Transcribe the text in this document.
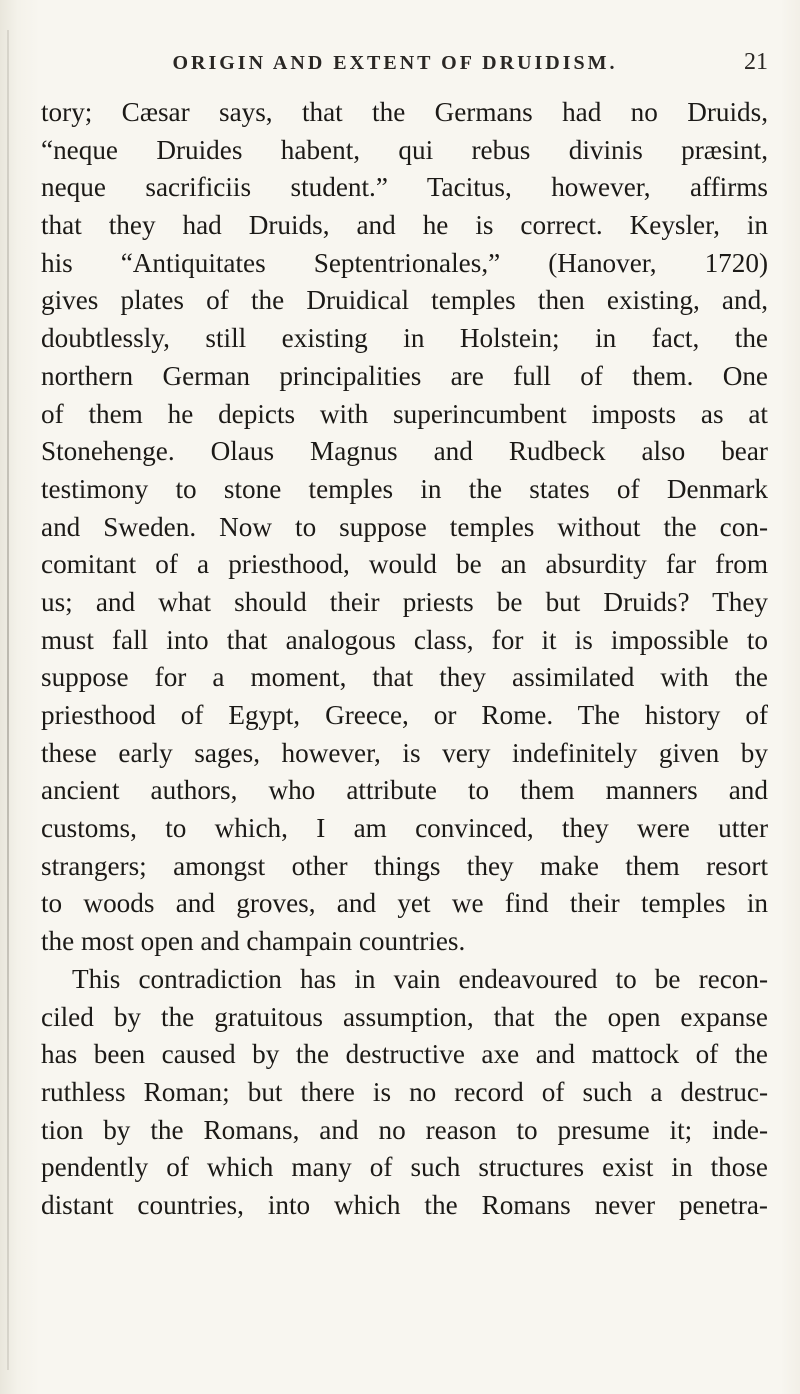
ORIGIN AND EXTENT OF DRUIDISM.	21
tory; Cæsar says, that the Germans had no Druids,
“neque Druides habent, qui rebus divinis præsint,
neque sacrificiis student.” Tacitus, however, affirms
that they had Druids, and he is correct. Keysler, in
his “Antiquitates Septentrionales,” (Hanover, 1720)
gives plates of the Druidical temples then existing, and,
doubtlessly, still existing in Holstein; in fact, the
northern German principalities are full of them. One
of them he depicts with superincumbent imposts as at
Stonehenge. Olaus Magnus and Rudbeck also bear
testimony to stone temples in the states of Denmark
and Sweden. Now to suppose temples without the con-
comitant of a priesthood, would be an absurdity far from
us; and what should their priests be but Druids? They
must fall into that analogous class, for it is impossible to
suppose for a moment, that they assimilated with the
priesthood of Egypt, Greece, or Rome. The history of
these early sages, however, is very indefinitely given by
ancient authors, who attribute to them manners and
customs, to which, I am convinced, they were utter
strangers; amongst other things they make them resort
to woods and groves, and yet we find their temples in
the most open and champain countries.
This contradiction has in vain endeavoured to be recon-
ciled by the gratuitous assumption, that the open expanse
has been caused by the destructive axe and mattock of the
ruthless Roman; but there is no record of such a destruc-
tion by the Romans, and no reason to presume it; inde-
pendently of which many of such structures exist in those
distant countries, into which the Romans never penetra-
